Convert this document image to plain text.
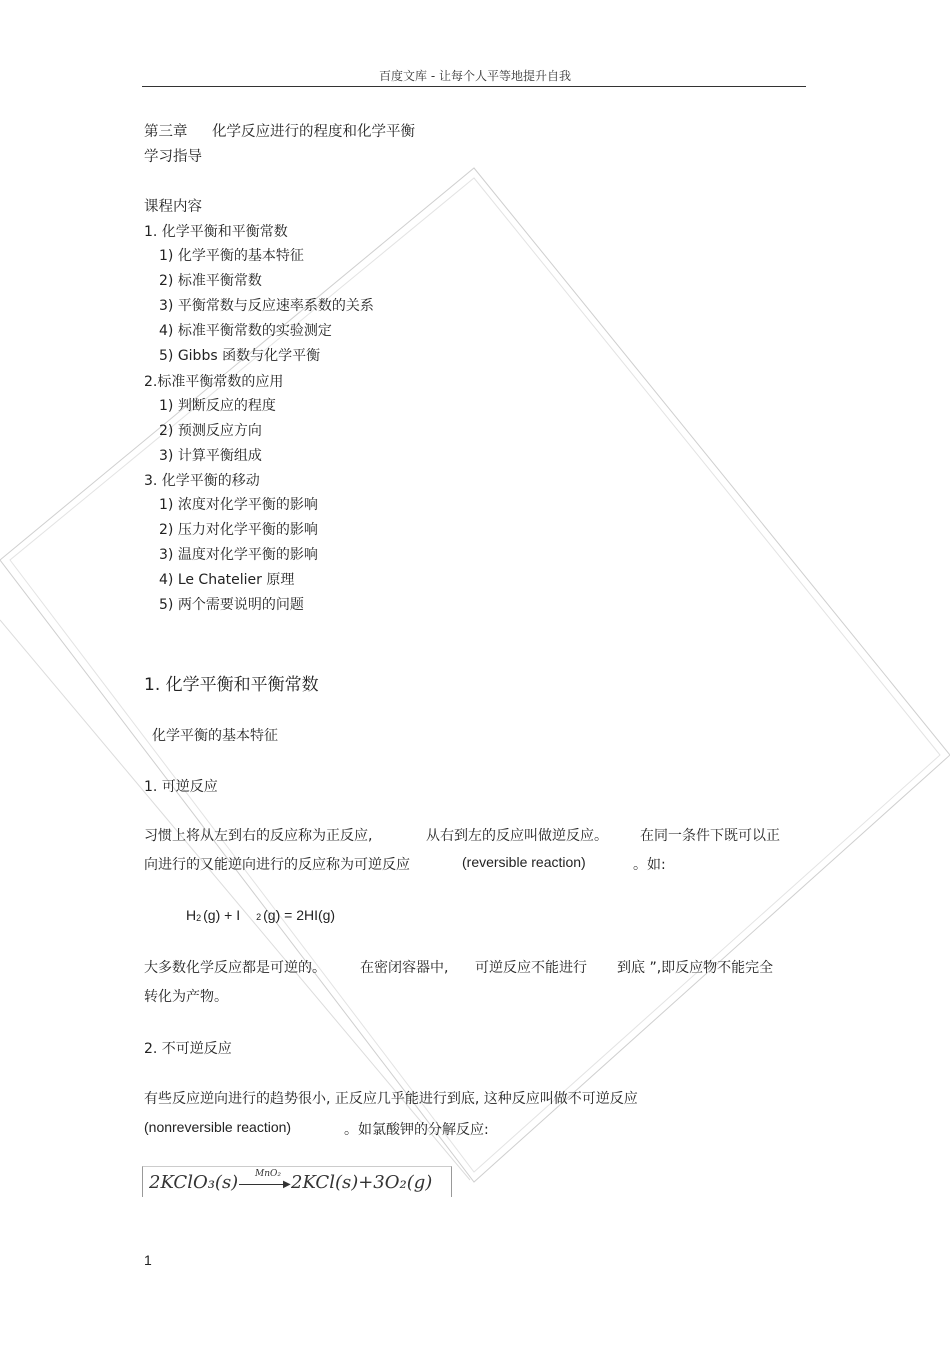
百度文库 - 让每个人平等地提升自我
第三章 化学反应进行的程度和化学平衡
学习指导
课程内容
1. 化学平衡和平衡常数
1) 化学平衡的基本特征
2) 标准平衡常数
3) 平衡常数与反应速率系数的关系
4) 标准平衡常数的实验测定
5) Gibbs 函数与化学平衡
2.标准平衡常数的应用
1) 判断反应的程度
2) 预测反应方向
3) 计算平衡组成
3. 化学平衡的移动
1) 浓度对化学平衡的影响
2) 压力对化学平衡的影响
3) 温度对化学平衡的影响
4) Le Chatelier 原理
5) 两个需要说明的问题
1. 化学平衡和平衡常数
化学平衡的基本特征
1. 可逆反应
习惯上将从左到右的反应称为正反应,	从右到左的反应叫做逆反应。 在同一条件下既可以正
向进行的又能逆向进行的反应称为可逆反应	(reversible reaction)	。如:
H2 (g) + I 2 (g) = 2HI(g)
大多数化学反应都是可逆的。 在密闭容器中, 可逆反应不能进行 到底 ”,即反应物不能完全
转化为产物。
2. 不可逆反应
有些反应逆向进行的趋势很小, 正反应几乎能进行到底, 这种反应叫做不可逆反应
(nonreversible reaction)	。如氯酸钾的分解反应:
2KClO₃(s) MnO₂
▶ 2KCl(s)+3O₂(g)
1
